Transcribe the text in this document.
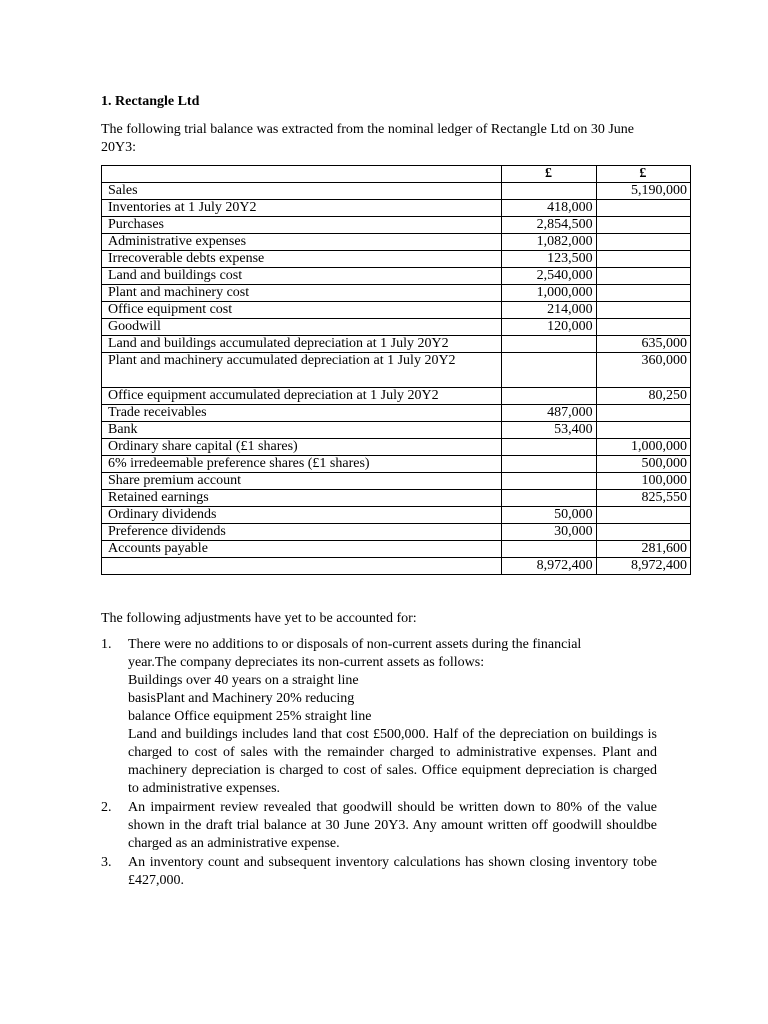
1. Rectangle Ltd
The following trial balance was extracted from the nominal ledger of Rectangle Ltd on 30 June 20Y3:
	£	£
Sales		5,190,000
Inventories at 1 July 20Y2	418,000	
Purchases	2,854,500	
Administrative expenses	1,082,000	
Irrecoverable debts expense	123,500	
Land and buildings cost	2,540,000	
Plant and machinery cost	1,000,000	
Office equipment cost	214,000	
Goodwill	120,000	
Land and buildings accumulated depreciation at 1 July 20Y2		635,000
Plant and machinery accumulated depreciation at 1 July 20Y2		360,000
Office equipment accumulated depreciation at 1 July 20Y2		80,250
Trade receivables	487,000	
Bank	53,400	
Ordinary share capital (£1 shares)		1,000,000
6% irredeemable preference shares (£1 shares)		500,000
Share premium account		100,000
Retained earnings		825,550
Ordinary dividends	50,000	
Preference dividends	30,000	
Accounts payable		281,600
	8,972,400	8,972,400
The following adjustments have yet to be accounted for:
1. There were no additions to or disposals of non-current assets during the financial
year.The company depreciates its non-current assets as follows:
Buildings over 40 years on a straight line
basisPlant and Machinery 20% reducing
balance Office equipment 25% straight line
Land and buildings includes land that cost £500,000. Half of the depreciation on buildings is charged to cost of sales with the remainder charged to administrative expenses. Plant and machinery depreciation is charged to cost of sales. Office equipment depreciation is charged to administrative expenses.
2. An impairment review revealed that goodwill should be written down to 80% of the value shown in the draft trial balance at 30 June 20Y3. Any amount written off goodwill shouldbe charged as an administrative expense.
3. An inventory count and subsequent inventory calculations has shown closing inventory tobe £427,000.
